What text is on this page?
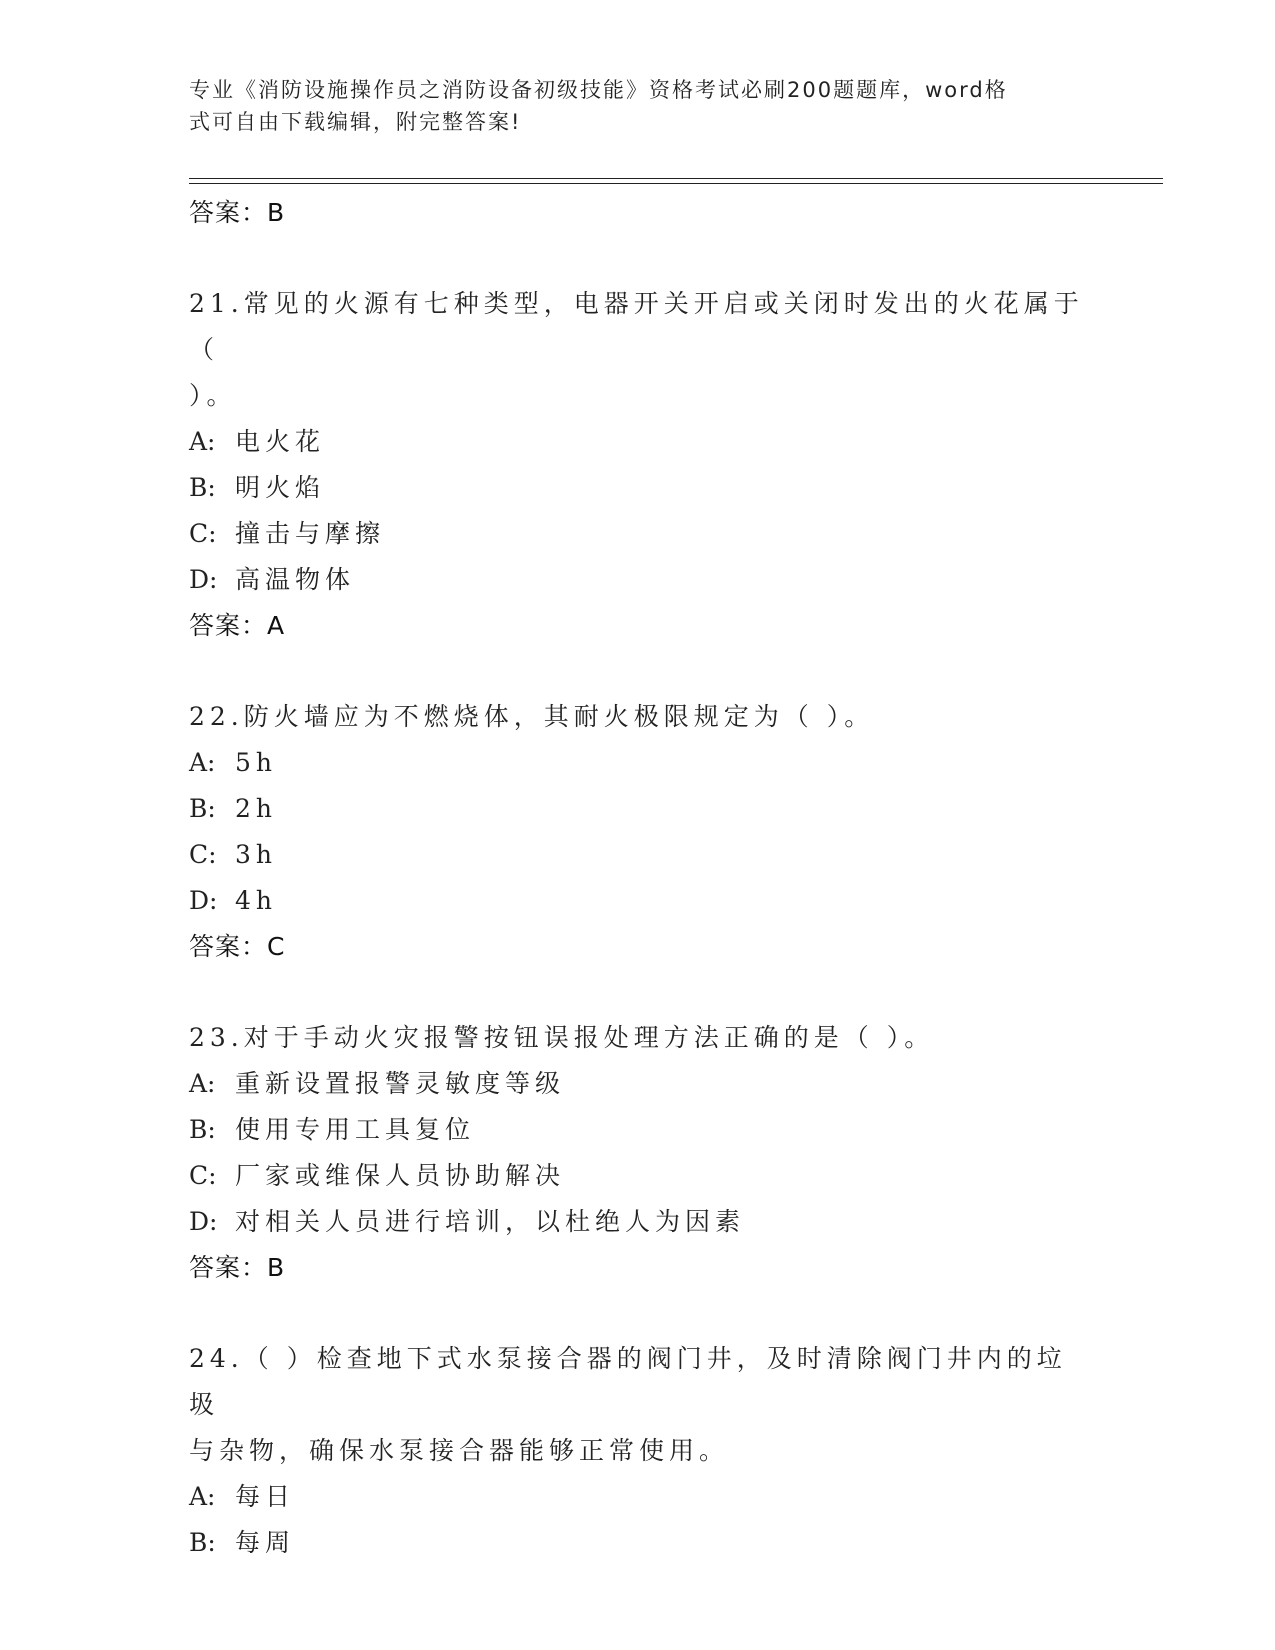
专业《消防设施操作员之消防设备初级技能》资格考试必刷200题题库，word格
式可自由下载编辑，附完整答案!
答案：B
21.常见的火源有七种类型，电器开关开启或关闭时发出的火花属于（
）。
A: 电火花
B: 明火焰
C: 撞击与摩擦
D: 高温物体
答案：A
22.防火墙应为不燃烧体，其耐火极限规定为（ ）。
A: 5h
B: 2h
C: 3h
D: 4h
答案：C
23.对于手动火灾报警按钮误报处理方法正确的是（ ）。
A: 重新设置报警灵敏度等级
B: 使用专用工具复位
C: 厂家或维保人员协助解决
D: 对相关人员进行培训，以杜绝人为因素
答案：B
24.（ ）检查地下式水泵接合器的阀门井，及时清除阀门井内的垃圾
与杂物，确保水泵接合器能够正常使用。
A: 每日
B: 每周
